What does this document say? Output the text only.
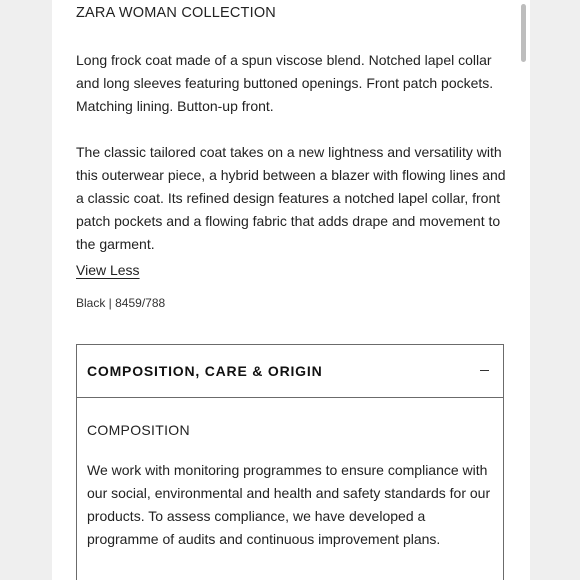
ZARA WOMAN COLLECTION
Long frock coat made of a spun viscose blend. Notched lapel collar and long sleeves featuring buttoned openings. Front patch pockets. Matching lining. Button-up front.
The classic tailored coat takes on a new lightness and versatility with this outerwear piece, a hybrid between a blazer with flowing lines and a classic coat. Its refined design features a notched lapel collar, front patch pockets and a flowing fabric that adds drape and movement to the garment.
View Less
Black | 8459/788
COMPOSITION, CARE & ORIGIN
COMPOSITION
We work with monitoring programmes to ensure compliance with our social, environmental and health and safety standards for our products. To assess compliance, we have developed a programme of audits and continuous improvement plans.
